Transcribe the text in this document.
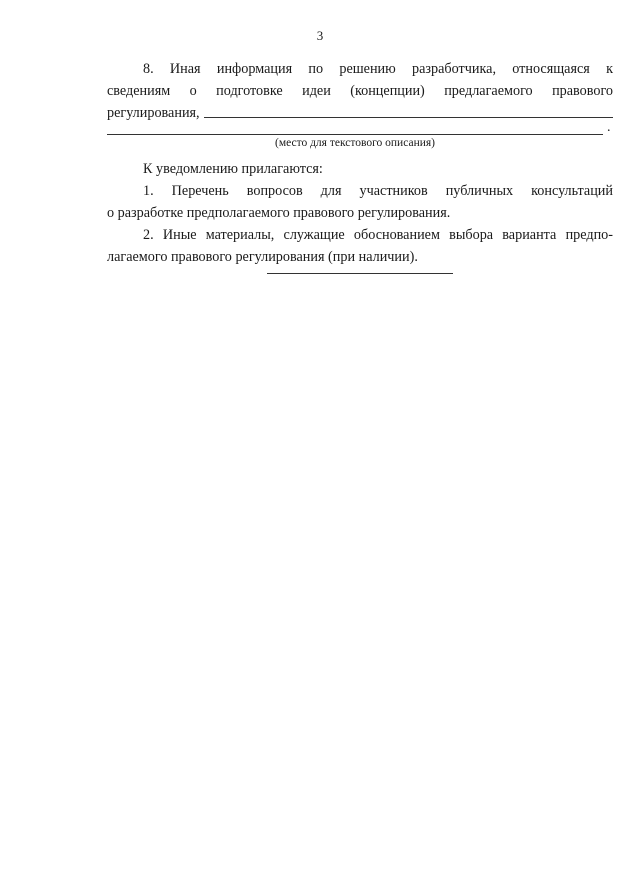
3
8. Иная информация по решению разработчика, относящаяся к
сведениям о подготовке идеи (концепции) предлагаемого правового
регулирования,
.
(место для текстового описания)
К уведомлению прилагаются:
1. Перечень вопросов для участников публичных консультаций
о разработке предполагаемого правового регулирования.
2. Иные материалы, служащие обоснованием выбора варианта предпо-
лагаемого правового регулирования (при наличии).
